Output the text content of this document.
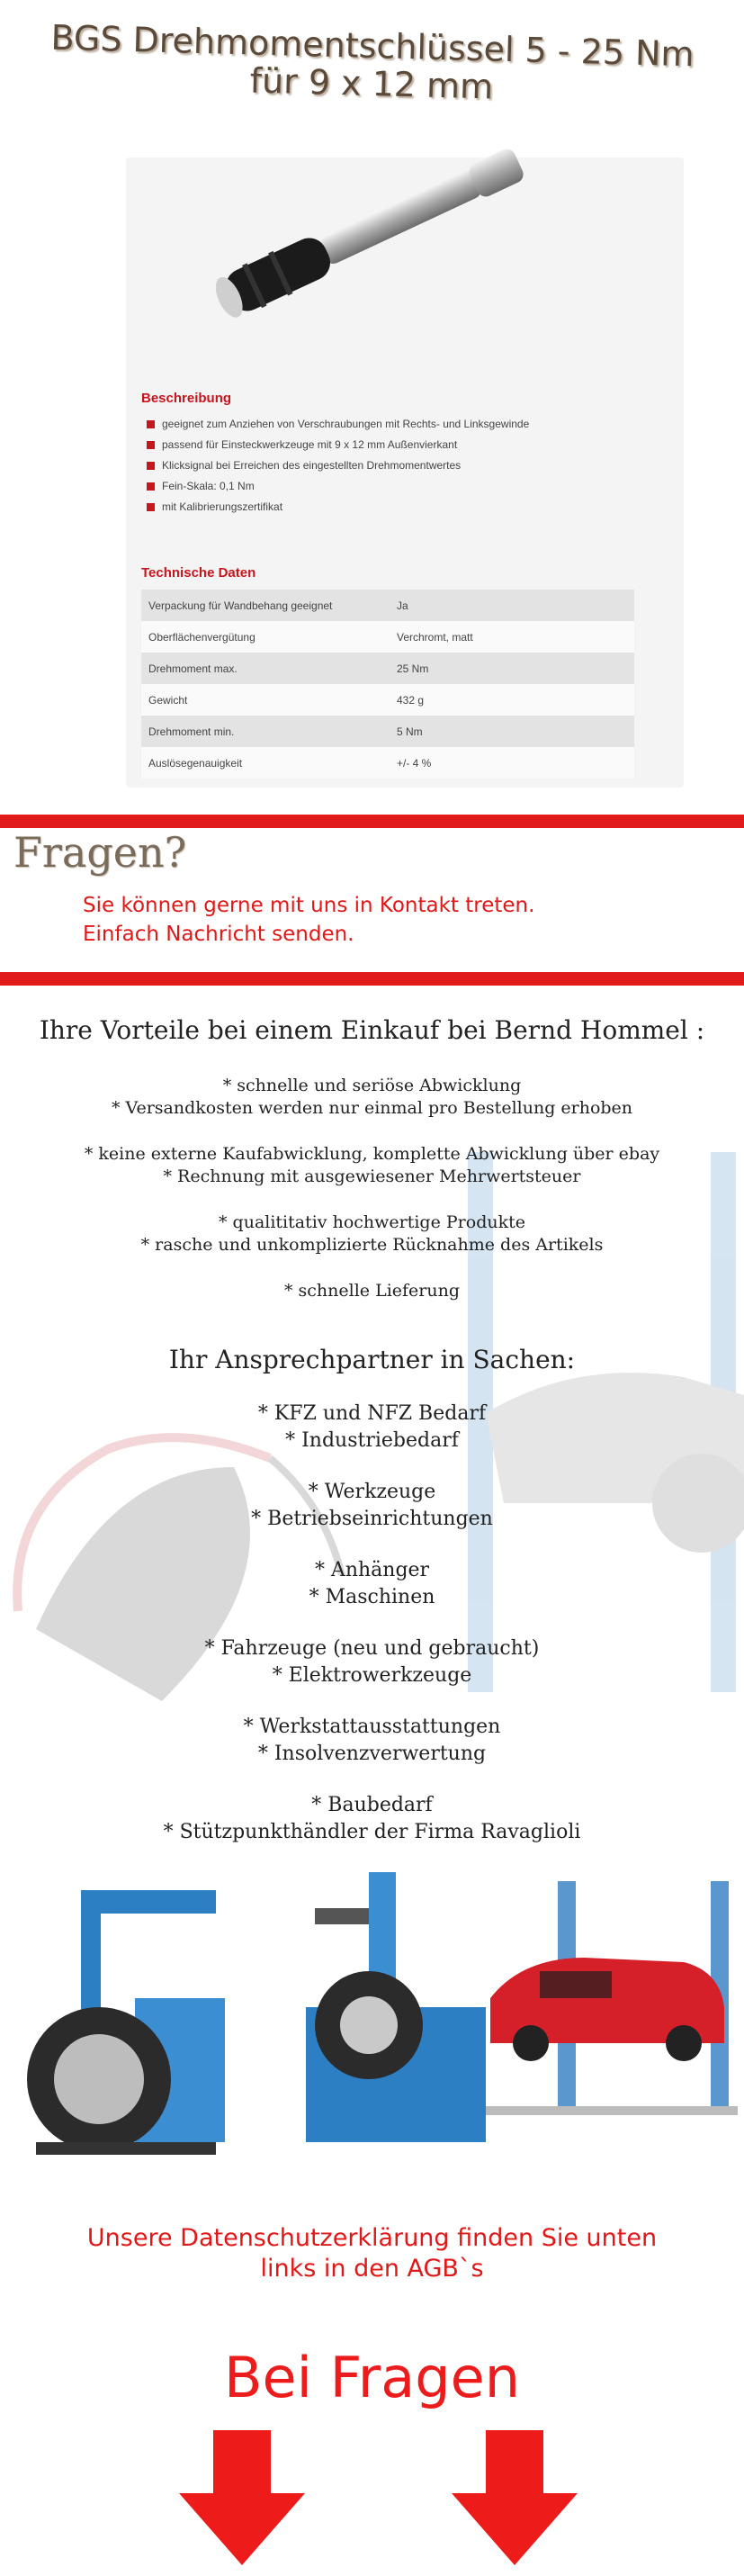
BGS Drehmomentschlüssel 5 - 25 Nm
für 9 x 12 mm
Beschreibung
geeignet zum Anziehen von Verschraubungen mit Rechts- und Linksgewinde
passend für Einsteckwerkzeuge mit 9 x 12 mm Außenvierkant
Klicksignal bei Erreichen des eingestellten Drehmomentwertes
Fein-Skala: 0,1 Nm
mit Kalibrierungszertifikat
Technische Daten
Verpackung für Wandbehang geeignet	Ja
Oberflächenvergütung	Verchromt, matt
Drehmoment max.	25 Nm
Gewicht	432 g
Drehmoment min.	5 Nm
Auslösegenauigkeit	+/- 4 %
Fragen?
Sie können gerne mit uns in Kontakt treten.
Einfach Nachricht senden.
Ihre Vorteile bei einem Einkauf bei Bernd Hommel :
* schnelle und seriöse Abwicklung
* Versandkosten werden nur einmal pro Bestellung erhoben
* keine externe Kaufabwicklung, komplette Abwicklung über ebay
* Rechnung mit ausgewiesener Mehrwertsteuer
* qualititativ hochwertige Produkte
* rasche und unkomplizierte Rücknahme des Artikels
* schnelle Lieferung
Ihr Ansprechpartner in Sachen:
* KFZ und NFZ Bedarf
* Industriebedarf
* Werkzeuge
* Betriebseinrichtungen
* Anhänger
* Maschinen
* Fahrzeuge (neu und gebraucht)
* Elektrowerkzeuge
* Werkstattausstattungen
* Insolvenzverwertung
* Baubedarf
* Stützpunkthändler der Firma Ravaglioli
Unsere Datenschutzerklärung finden Sie unten
links in den AGB`s
Bei Fragen
